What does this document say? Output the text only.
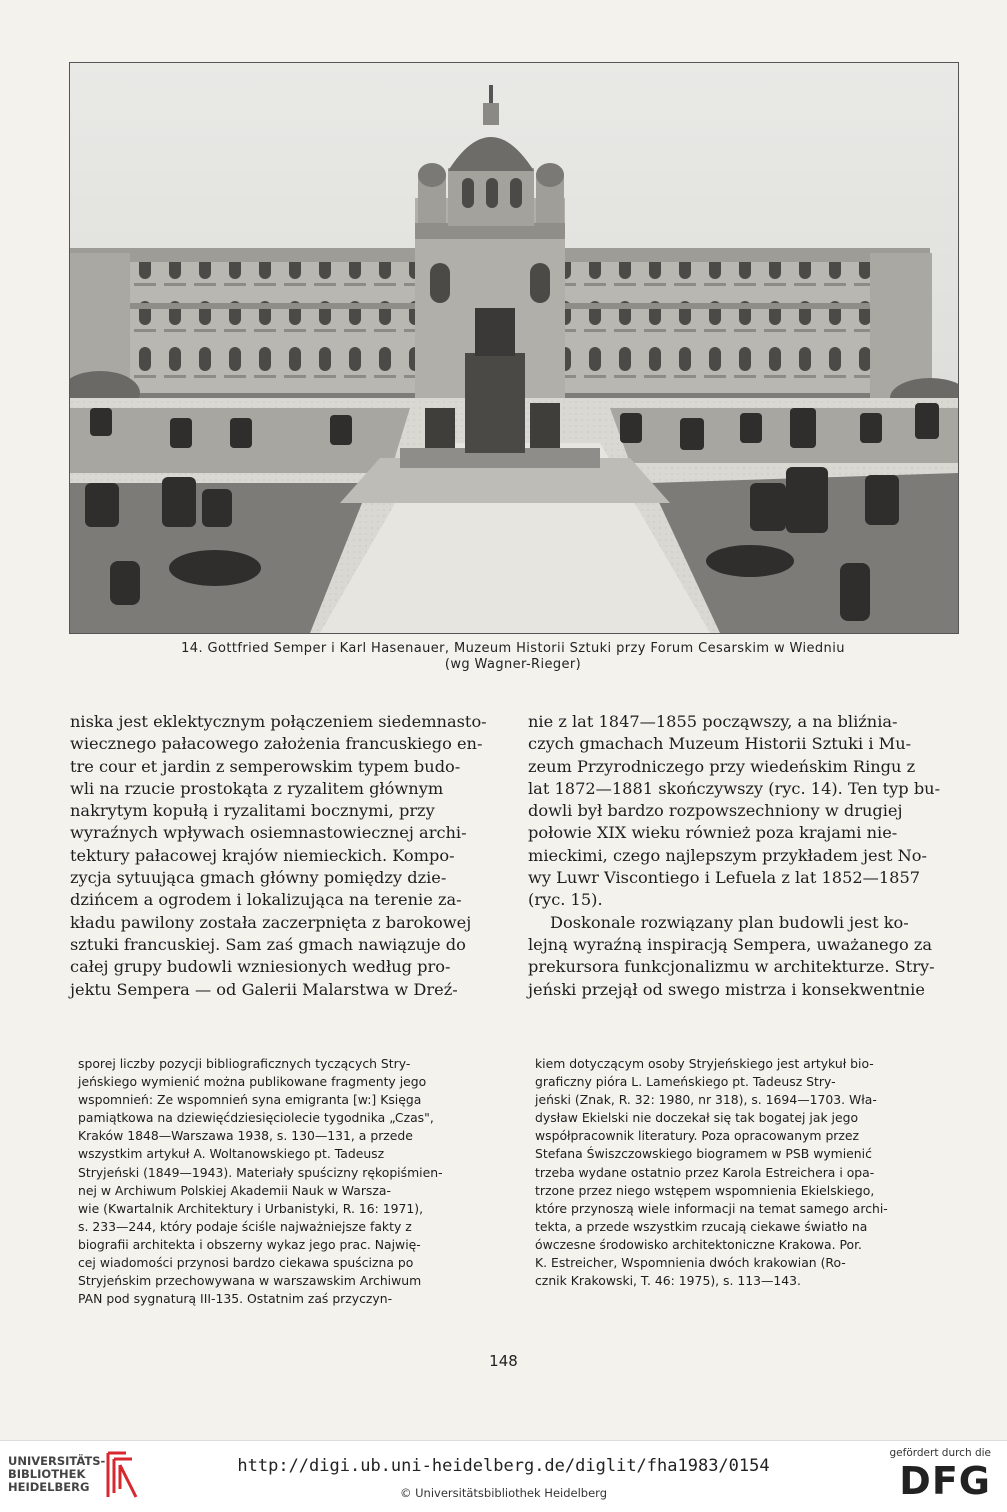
14. Gottfried Semper i Karl Hasenauer, Muzeum Historii Sztuki przy Forum Cesarskim w Wiedniu
(wg Wagner-Rieger)

niska jest eklektycznym połączeniem siedemnasto-

wiecznego pałacowego założenia francuskiego en-

tre cour et jardin z semperowskim typem budo-

wli na rzucie prostokąta z ryzalitem głównym

nakrytym kopułą i ryzalitami bocznymi, przy

wyraźnych wpływach osiemnastowiecznej archi-

tektury pałacowej krajów niemieckich. Kompo-

zycja sytuująca gmach główny pomiędzy dzie-

dzińcem a ogrodem i lokalizująca na terenie za-

kładu pawilony została zaczerpnięta z barokowej

sztuki francuskiej. Sam zaś gmach nawiązuje do

całej grupy budowli wzniesionych według pro-

jektu Sempera — od Galerii Malarstwa w Dreź-

nie z lat 1847—1855 począwszy, a na bliźnia-

czych gmachach Muzeum Historii Sztuki i Mu-

zeum Przyrodniczego przy wiedeńskim Ringu z

lat 1872—1881 skończywszy (ryc. 14). Ten typ bu-

dowli był bardzo rozpowszechniony w drugiej

połowie XIX wieku również poza krajami nie-

mieckimi, czego najlepszym przykładem jest No-

wy Luwr Viscontiego i Lefuela z lat 1852—1857

(ryc. 15).

Doskonale rozwiązany plan budowli jest ko-

lejną wyraźną inspiracją Sempera, uważanego za

prekursora funkcjonalizmu w architekturze. Stry-

jeński przejął od swego mistrza i konsekwentnie

sporej liczby pozycji bibliograficznych tyczących Stry-

jeńskiego wymienić można publikowane fragmenty jego

wspomnień: Ze wspomnień syna emigranta [w:] Księga

pamiątkowa na dziewięćdziesięciolecie tygodnika „Czas",

Kraków 1848—Warszawa 1938, s. 130—131, a przede

wszystkim artykuł A. Woltanowskiego pt. Tadeusz

Stryjeński (1849—1943). Materiały spuścizny rękopiśmien-

nej w Archiwum Polskiej Akademii Nauk w Warsza-

wie (Kwartalnik Architektury i Urbanistyki, R. 16: 1971),

s. 233—244, który podaje ściśle najważniejsze fakty z

biografii architekta i obszerny wykaz jego prac. Najwię-

cej wiadomości przynosi bardzo ciekawa spuścizna po

Stryjeńskim przechowywana w warszawskim Archiwum

PAN pod sygnaturą III-135. Ostatnim zaś przyczyn-

kiem dotyczącym osoby Stryjeńskiego jest artykuł bio-

graficzny pióra L. Lameńskiego pt. Tadeusz Stry-

jeński (Znak, R. 32: 1980, nr 318), s. 1694—1703. Wła-

dysław Ekielski nie doczekał się tak bogatej jak jego

współpracownik literatury. Poza opracowanym przez

Stefana Świszczowskiego biogramem w PSB wymienić

trzeba wydane ostatnio przez Karola Estreichera i opa-

trzone przez niego wstępem wspomnienia Ekielskiego,

które przynoszą wiele informacji na temat samego archi-

tekta, a przede wszystkim rzucają ciekawe światło na

ówczesne środowisko architektoniczne Krakowa. Por.

K. Estreicher, Wspomnienia dwóch krakowian (Ro-

cznik Krakowski, T. 46: 1975), s. 113—143.

148
UNIVERSITÄTS-
BIBLIOTHEK
HEIDELBERG
http://digi.ub.uni-heidelberg.de/diglit/fha1983/0154
© Universitätsbibliothek Heidelberg
gefördert durch die
DFG
